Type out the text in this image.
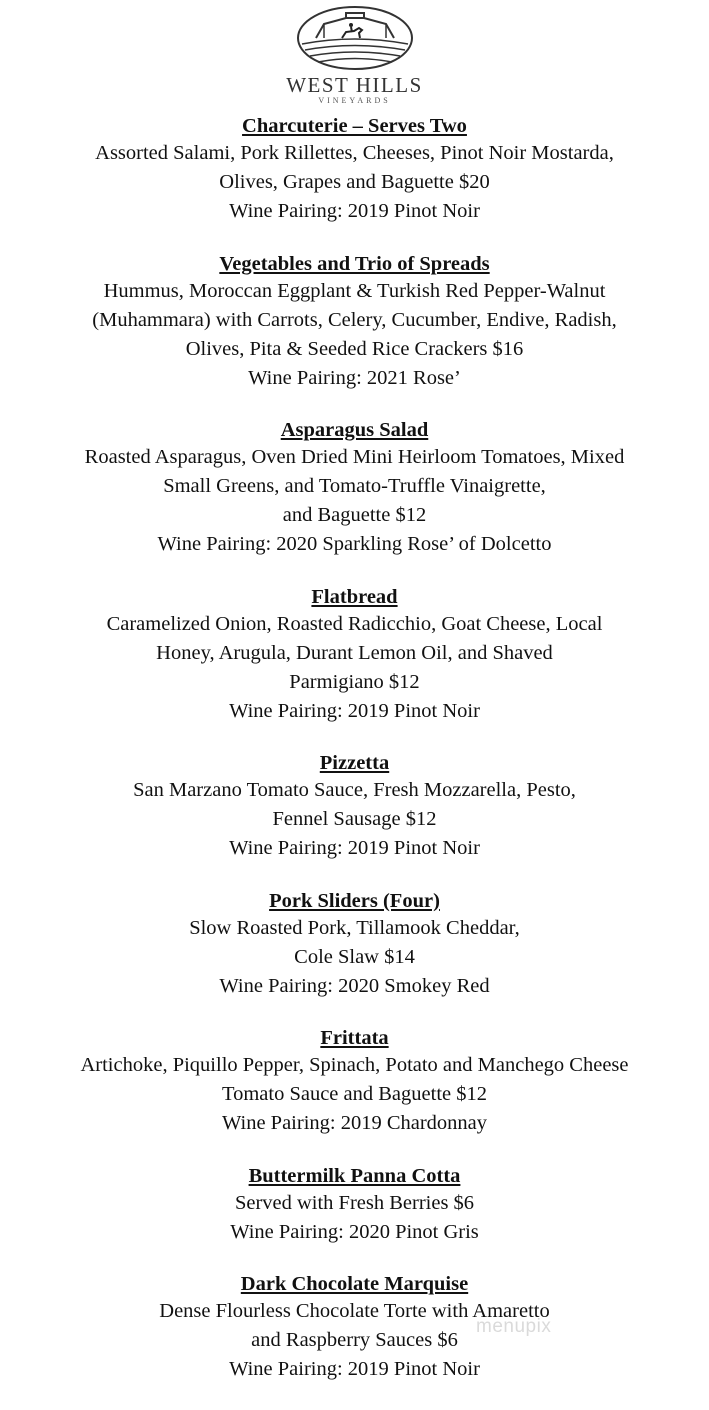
WEST HILLS
VINEYARDS
Charcuterie – Serves Two
Assorted Salami, Pork Rillettes, Cheeses, Pinot Noir Mostarda,
Olives, Grapes and Baguette $20
Wine Pairing: 2019 Pinot Noir
Vegetables and Trio of Spreads
Hummus, Moroccan Eggplant & Turkish Red Pepper-Walnut
(Muhammara) with Carrots, Celery, Cucumber, Endive, Radish,
Olives, Pita & Seeded Rice Crackers $16
Wine Pairing: 2021 Rose’
Asparagus Salad
Roasted Asparagus, Oven Dried Mini Heirloom Tomatoes, Mixed
Small Greens, and Tomato-Truffle Vinaigrette,
and Baguette $12
Wine Pairing: 2020 Sparkling Rose’ of Dolcetto
Flatbread
Caramelized Onion, Roasted Radicchio, Goat Cheese, Local
Honey, Arugula, Durant Lemon Oil, and Shaved
Parmigiano $12
Wine Pairing: 2019 Pinot Noir
Pizzetta
San Marzano Tomato Sauce, Fresh Mozzarella, Pesto,
Fennel Sausage $12
Wine Pairing: 2019 Pinot Noir
Pork Sliders (Four)
Slow Roasted Pork, Tillamook Cheddar,
Cole Slaw $14
Wine Pairing: 2020 Smokey Red
Frittata
Artichoke, Piquillo Pepper, Spinach, Potato and Manchego Cheese
Tomato Sauce and Baguette $12
Wine Pairing: 2019 Chardonnay
Buttermilk Panna Cotta
Served with Fresh Berries $6
Wine Pairing: 2020 Pinot Gris
Dark Chocolate Marquise
Dense Flourless Chocolate Torte with Amaretto
and Raspberry Sauces $6
Wine Pairing: 2019 Pinot Noir
menupix
